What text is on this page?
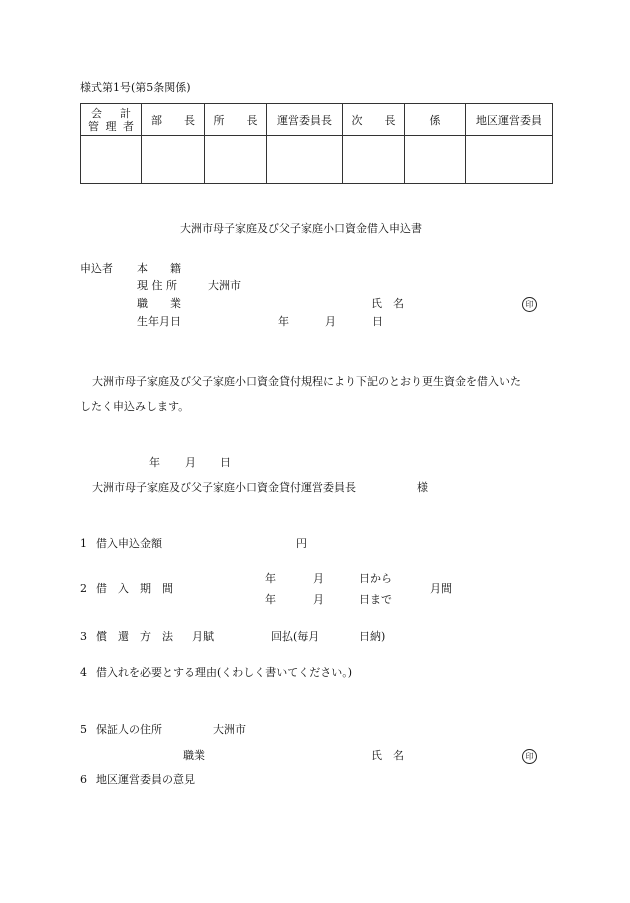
様式第1号(第5条関係)
会 計
管 理 者	部　　長	所　　長	運営委員長	次　　長	係	地区運営委員

大洲市母子家庭及び父子家庭小口資金借入申込書
申込者 本　　籍
現 住 所	大洲市
職　　業	氏　名	印
生年月日	年	月	日
大洲市母子家庭及び父子家庭小口資金貸付規程により下記のとおり更生資金を借入いた
したく申込みします。
年 月 日
大洲市母子家庭及び父子家庭小口資金貸付運営委員長	様
1 借入申込金額	円
2 借　入　期　間
年	月	日から
年	月	日まで
月間
3 償　還　方　法 月賦	回払(毎月	日納)
4 借入れを必要とする理由(くわしく書いてください。)
5 保証人の住所	大洲市
職業	氏　名	印
6 地区運営委員の意見
